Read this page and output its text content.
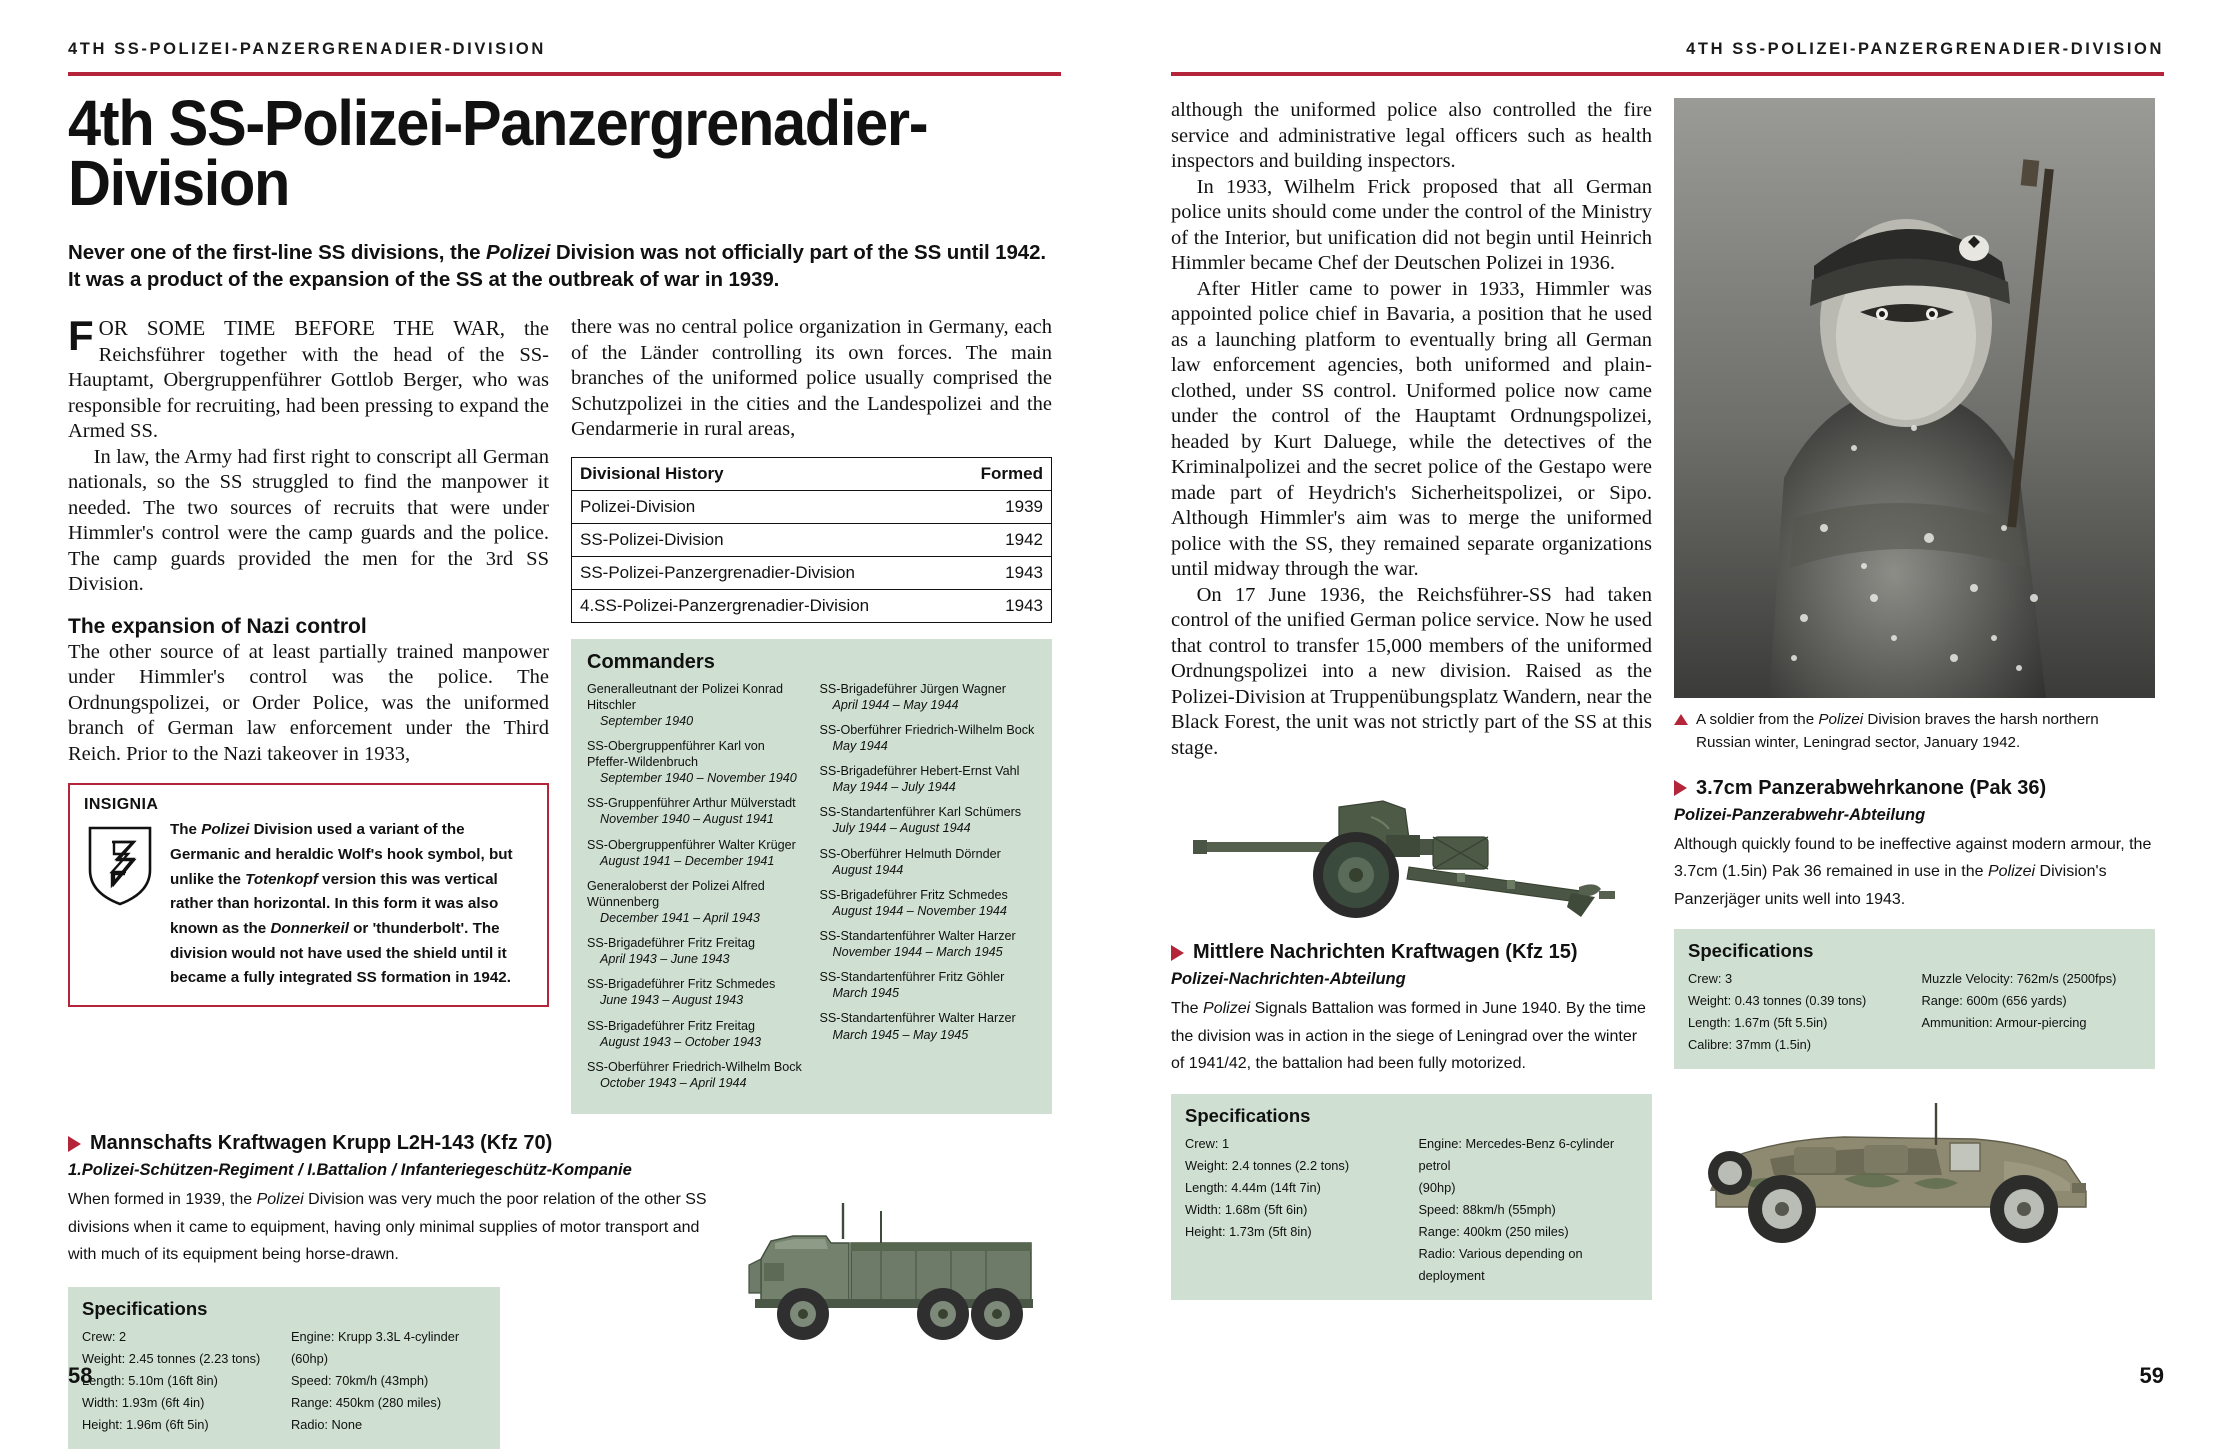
4TH SS-POLIZEI-PANZERGRENADIER-DIVISION
4th SS-Polizei-Panzergrenadier-Division
Never one of the first-line SS divisions, the Polizei Division was not officially part of the SS until 1942. It was a product of the expansion of the SS at the outbreak of war in 1939.

FOR SOME TIME BEFORE THE WAR, the Reichsführer together with the head of the SS-Hauptamt, Obergruppenführer Gottlob Berger, who was responsible for recruiting, had been pressing to expand the Armed SS.

In law, the Army had first right to conscript all German nationals, so the SS struggled to find the manpower it needed. The two sources of recruits that were under Himmler's control were the camp guards and the police. The camp guards provided the men for the 3rd SS Division.

The expansion of Nazi control

The other source of at least partially trained manpower under Himmler's control was the police. The Ordnungspolizei, or Order Police, was the uniformed branch of German law enforcement under the Third Reich. Prior to the Nazi takeover in 1933,

INSIGNIA
The Polizei Division used a variant of the Germanic and heraldic Wolf's hook symbol, but unlike the Totenkopf version this was vertical rather than horizontal. In this form it was also known as the Donnerkeil or 'thunderbolt'. The division would not have used the shield until it became a fully integrated SS formation in 1942.

there was no central police organization in Germany, each of the Länder controlling its own forces. The main branches of the uniformed police usually comprised the Schutzpolizei in the cities and the Landespolizei and the Gendarmerie in rural areas,

Divisional History	Formed
Polizei-Division	1939
SS-Polizei-Division	1942
SS-Polizei-Panzergrenadier-Division	1943
4.SS-Polizei-Panzergrenadier-Division	1943
Commanders
Generalleutnant der Polizei Konrad Hitschler
September 1940
SS-Obergruppenführer Karl von Pfeffer-Wildenbruch
September 1940 – November 1940
SS-Gruppenführer Arthur Mülverstadt
November 1940 – August 1941
SS-Obergruppenführer Walter Krüger
August 1941 – December 1941
Generaloberst der Polizei Alfred Wünnenberg
December 1941 – April 1943
SS-Brigadeführer Fritz Freitag
April 1943 – June 1943
SS-Brigadeführer Fritz Schmedes
June 1943 – August 1943
SS-Brigadeführer Fritz Freitag
August 1943 – October 1943
SS-Oberführer Friedrich-Wilhelm Bock
October 1943 – April 1944
SS-Brigadeführer Jürgen Wagner
April 1944 – May 1944
SS-Oberführer Friedrich-Wilhelm Bock
May 1944
SS-Brigadeführer Hebert-Ernst Vahl
May 1944 – July 1944
SS-Standartenführer Karl Schümers
July 1944 – August 1944
SS-Oberführer Helmuth Dörnder
August 1944
SS-Brigadeführer Fritz Schmedes
August 1944 – November 1944
SS-Standartenführer Walter Harzer
November 1944 – March 1945
SS-Standartenführer Fritz Göhler
March 1945
SS-Standartenführer Walter Harzer
March 1945 – May 1945
Mannschafts Kraftwagen Krupp L2H-143 (Kfz 70)
1.Polizei-Schützen-Regiment / I.Battalion / Infanteriegeschütz-Kompanie
When formed in 1939, the Polizei Division was very much the poor relation of the other SS divisions when it came to equipment, having only minimal supplies of motor transport and with much of its equipment being horse-drawn.
Specifications
Crew: 2
Weight: 2.45 tonnes (2.23 tons)
Length: 5.10m (16ft 8in)
Width: 1.93m (6ft 4in)
Height: 1.96m (6ft 5in)
Engine: Krupp 3.3L 4-cylinder (60hp)
Speed: 70km/h (43mph)
Range: 450km (280 miles)
Radio: None
58
4TH SS-POLIZEI-PANZERGRENADIER-DIVISION

although the uniformed police also controlled the fire service and administrative legal officers such as health inspectors and building inspectors.

In 1933, Wilhelm Frick proposed that all German police units should come under the control of the Ministry of the Interior, but unification did not begin until Heinrich Himmler became Chef der Deutschen Polizei in 1936.

After Hitler came to power in 1933, Himmler was appointed police chief in Bavaria, a position that he used as a launching platform to eventually bring all German law enforcement agencies, both uniformed and plain-clothed, under SS control. Uniformed police now came under the control of the Hauptamt Ordnungspolizei, headed by Kurt Daluege, while the detectives of the Kriminalpolizei and the secret police of the Gestapo were made part of Heydrich's Sicherheitspolizei, or Sipo. Although Himmler's aim was to merge the uniformed police with the SS, they remained separate organizations until midway through the war.

On 17 June 1936, the Reichsführer-SS had taken control of the unified German police service. Now he used that control to transfer 15,000 members of the uniformed Ordnungspolizei into a new division. Raised as the Polizei-Division at Truppenübungsplatz Wandern, near the Black Forest, the unit was not strictly part of the SS at this stage.

Mittlere Nachrichten Kraftwagen (Kfz 15)
Polizei-Nachrichten-Abteilung
The Polizei Signals Battalion was formed in June 1940. By the time the division was in action in the siege of Leningrad over the winter of 1941/42, the battalion had been fully motorized.
Specifications
Crew: 1
Weight: 2.4 tonnes (2.2 tons)
Length: 4.44m (14ft 7in)
Width: 1.68m (5ft 6in)
Height: 1.73m (5ft 8in)
Engine: Mercedes-Benz 6-cylinder petrol
(90hp)
Speed: 88km/h (55mph)
Range: 400km (250 miles)
Radio: Various depending on deployment
A soldier from the Polizei Division braves the harsh northern Russian winter, Leningrad sector, January 1942.
3.7cm Panzerabwehrkanone (Pak 36)
Polizei-Panzerabwehr-Abteilung
Although quickly found to be ineffective against modern armour, the 3.7cm (1.5in) Pak 36 remained in use in the Polizei Division's Panzerjäger units well into 1943.
Specifications
Crew: 3
Weight: 0.43 tonnes (0.39 tons)
Length: 1.67m (5ft 5.5in)
Calibre: 37mm (1.5in)
Muzzle Velocity: 762m/s (2500fps)
Range: 600m (656 yards)
Ammunition: Armour-piercing
59
